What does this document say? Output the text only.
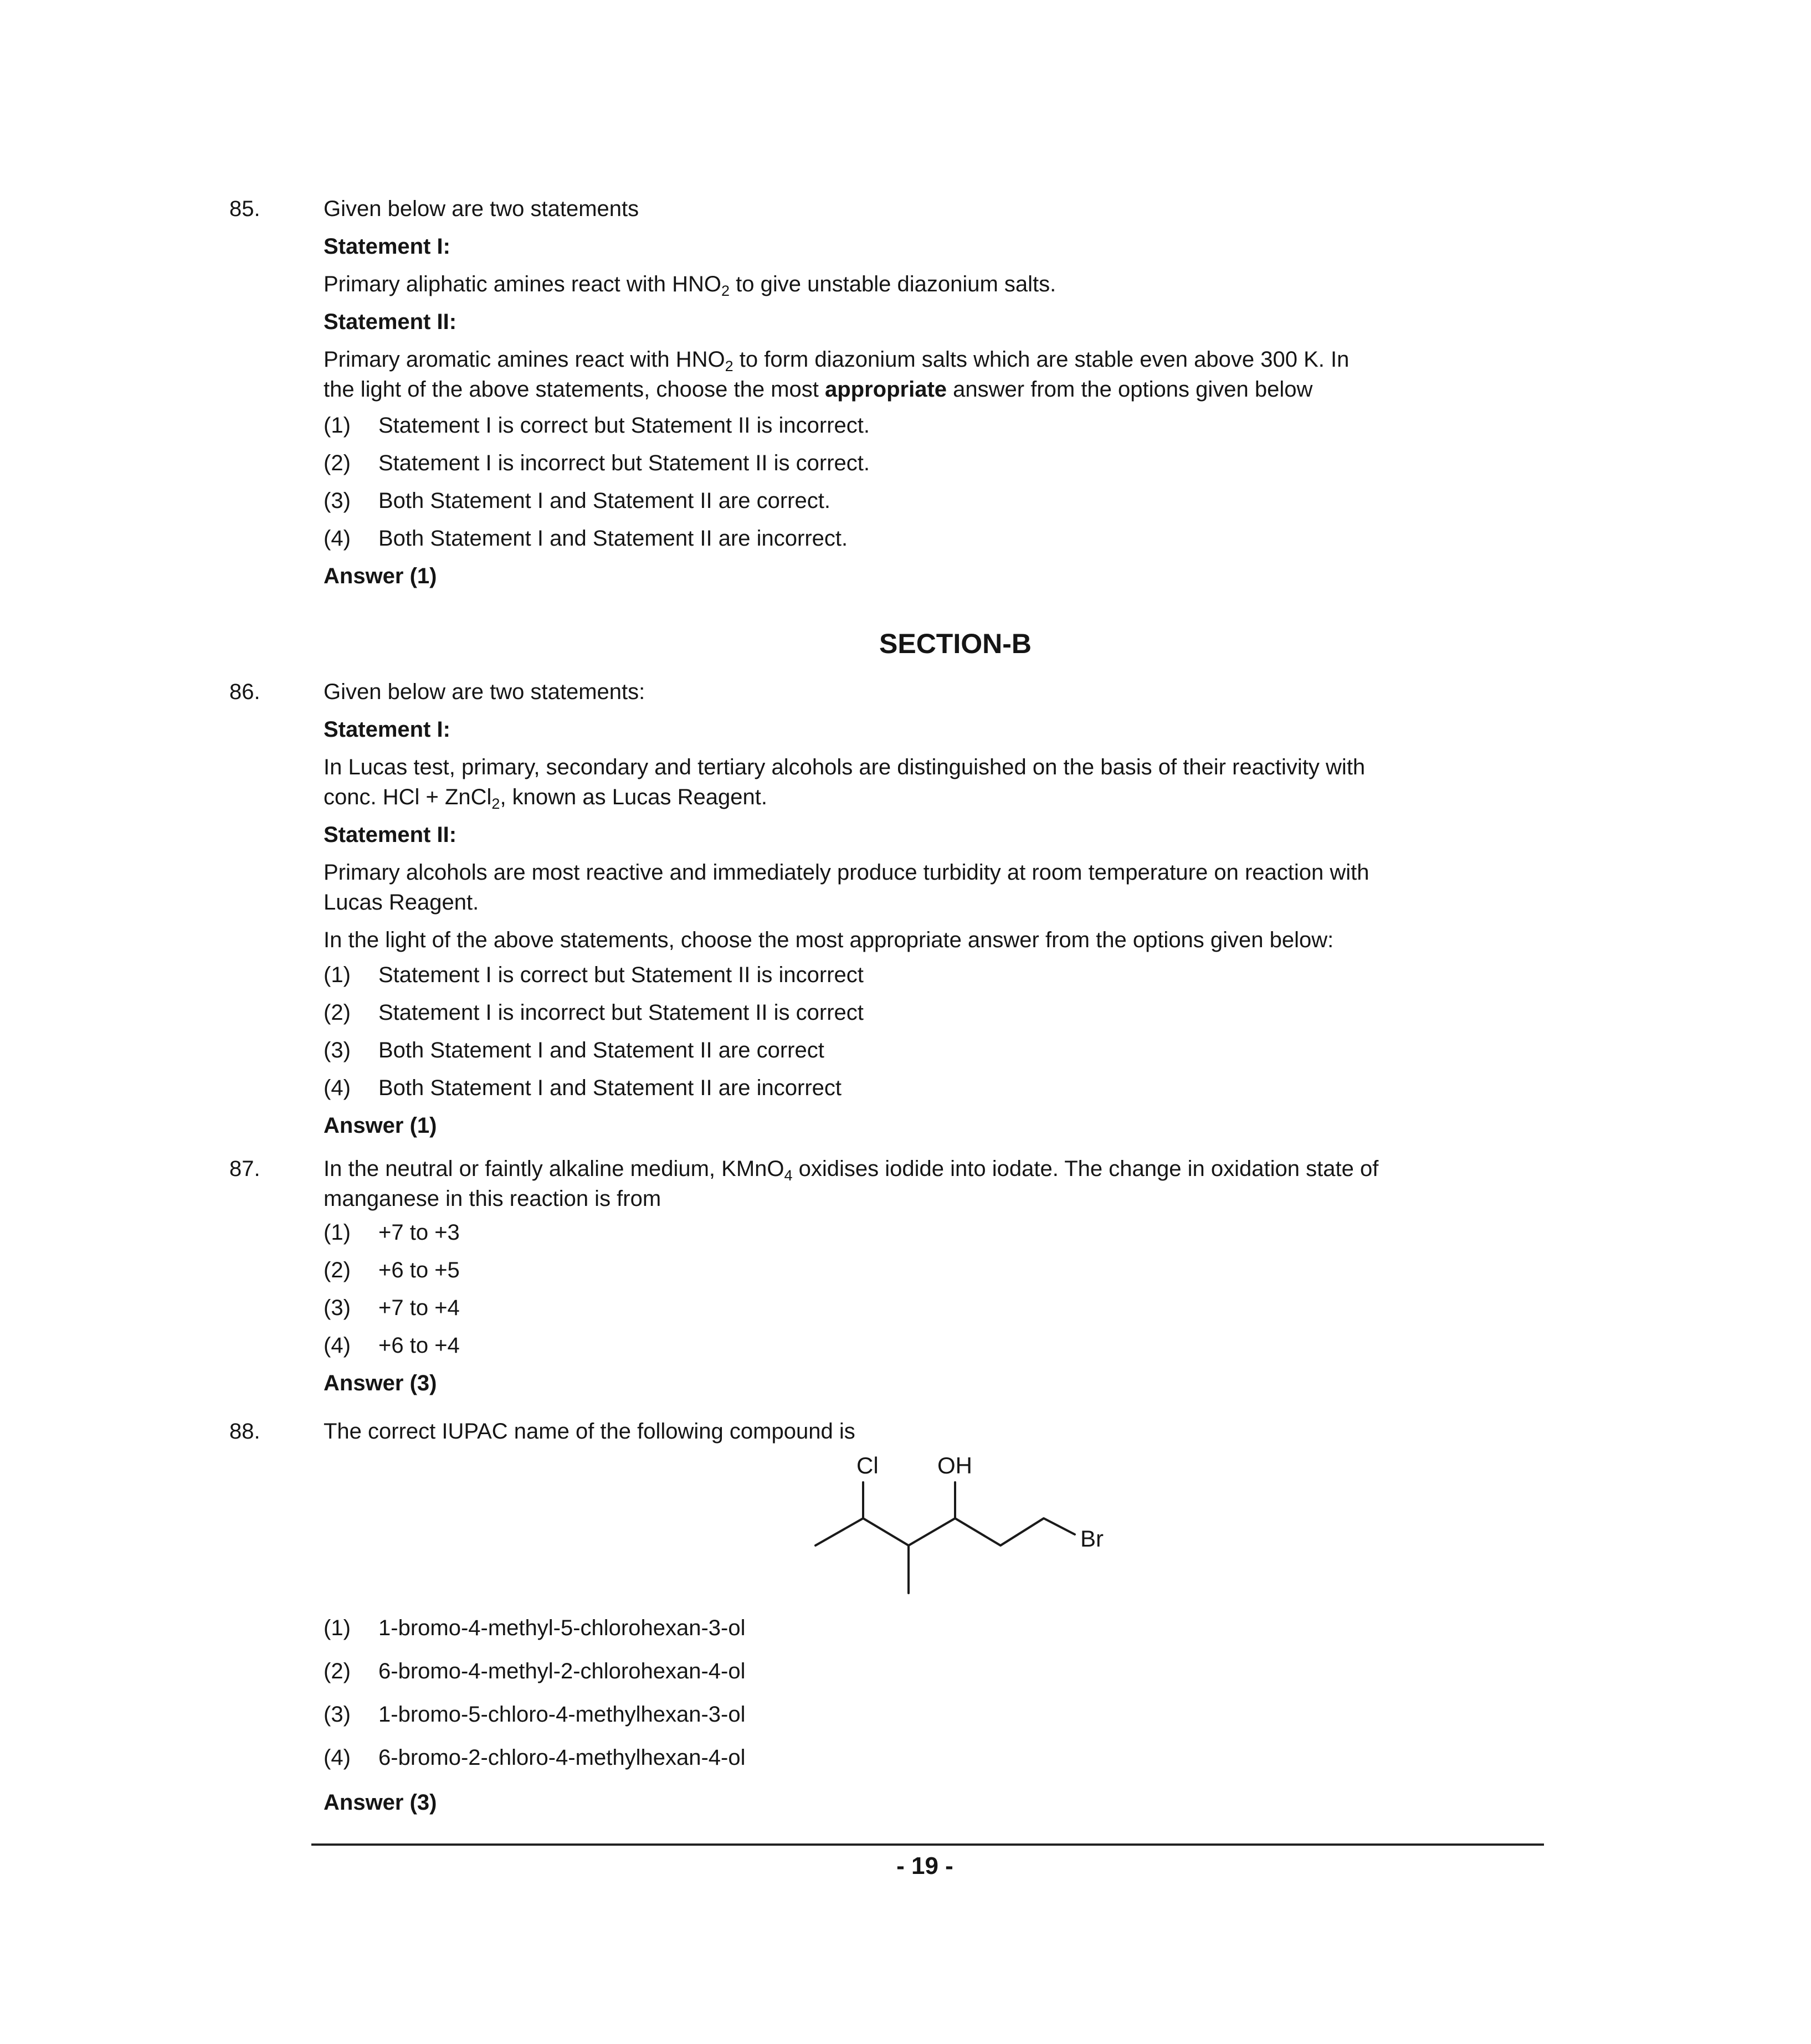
85.	Given below are two statements
Statement I:
Primary aliphatic amines react with $HNO_2$ to give unstable diazonium salts.
Statement II:
Primary aromatic amines react with $HNO_2$ to form diazonium salts which are stable even above 300 K. In
the light of the above statements, choose the most appropriate answer from the options given below
(1) Statement I is correct but Statement II is incorrect.
(2) Statement I is incorrect but Statement II is correct.
(3) Both Statement I and Statement II are correct.
(4) Both Statement I and Statement II are incorrect.
Answer (1)
SECTION-B
86.	Given below are two statements:
Statement I:
In Lucas test, primary, secondary and tertiary alcohols are distinguished on the basis of their reactivity with
conc. HCl + ZnCl$_2$, known as Lucas Reagent.
Statement II:
Primary alcohols are most reactive and immediately produce turbidity at room temperature on reaction with
Lucas Reagent.
In the light of the above statements, choose the most appropriate answer from the options given below:
(1) Statement I is correct but Statement II is incorrect
(2) Statement I is incorrect but Statement II is correct
(3) Both Statement I and Statement II are correct
(4) Both Statement I and Statement II are incorrect
Answer (1)
87.	In the neutral or faintly alkaline medium, KMnO$_4$ oxidises iodide into iodate. The change in oxidation state of
manganese in this reaction is from
(1) +7 to +3
(2) +6 to +5
(3) +7 to +4
(4) +6 to +4
Answer (3)
88.	The correct IUPAC name of the following compound is
Cl	OH
Br
(1) 1-bromo-4-methyl-5-chlorohexan-3-ol
(2) 6-bromo-4-methyl-2-chlorohexan-4-ol
(3) 1-bromo-5-chloro-4-methylhexan-3-ol
(4) 6-bromo-2-chloro-4-methylhexan-4-ol
Answer (3)
- 19 -
